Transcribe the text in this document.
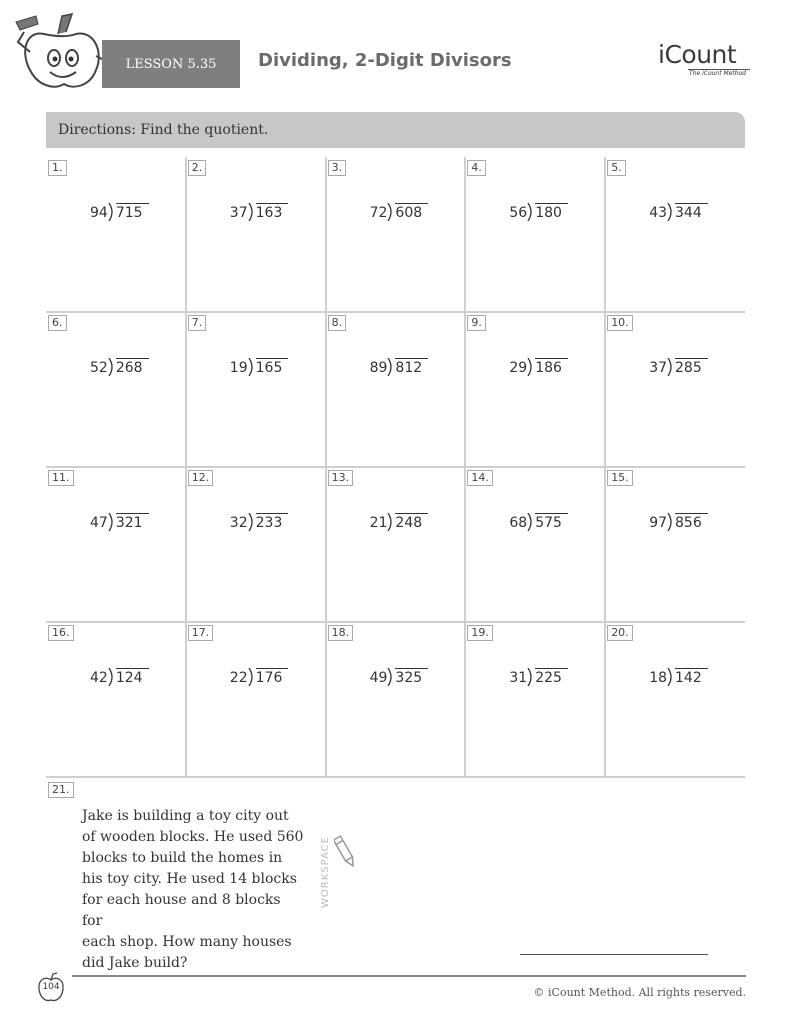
LESSON 5.35	Dividing, 2-Digit Divisors	iCount
The iCount Method
Directions: Find the quotient.
1.
94 715
2.
37 163
3.
72 608
4.
56 180
5.
43 344
6.
52 268
7.
19 165
8.
89 812
9.
29 186
10.
37 285
11.
47 321
12.
32 233
13.
21 248
14.
68 575
15.
97 856
16.
42 124
17.
22 176
18.
49 325
19.
31 225
20.
18 142
21.
Jake is building a toy city out
of wooden blocks. He used 560
blocks to build the homes in
his toy city. He used 14 blocks
for each house and 8 blocks for
each shop. How many houses
did Jake build?
WORKSPACE
104	© iCount Method. All rights reserved.
